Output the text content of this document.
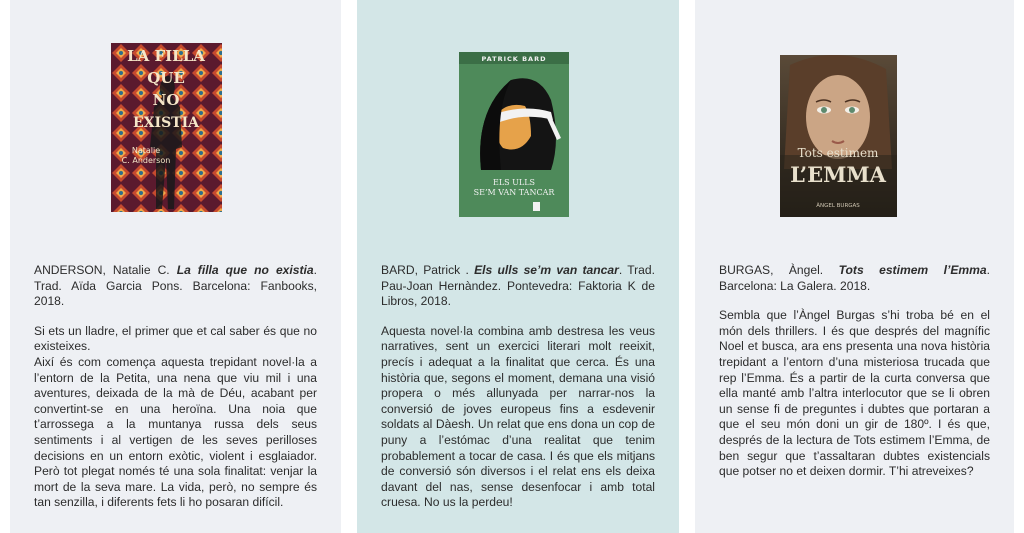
LA FILLA
QUE
NO
EXISTIA
Natalie
C. Anderson

ANDERSON, Natalie C. La filla que no existia. Trad. Aïda Garcia Pons. Barcelona: Fanbooks, 2018.

Si ets un lladre, el primer que et cal saber és que no existeixes.

Així és com comença aquesta trepidant novel·la a l’entorn de la Petita, una nena que viu mil i una aventures, deixada de la mà de Déu, acabant per convertint-se en una heroïna. Una noia que t’arrossega a la muntanya russa dels seus sentiments i al vertigen de les seves perilloses decisions en un entorn exòtic, violent i esglaiador. Però tot plegat només té una sola finalitat: venjar la mort de la seva mare. La vida, però, no sempre és tan senzilla, i diferents fets li ho posaran difícil.

PATRICK BARD
ELS ULLS
SE’M VAN TANCAR

BARD, Patrick . Els ulls se’m van tancar. Trad. Pau-Joan Hernàndez. Pontevedra: Faktoria K de Libros, 2018.

Aquesta novel·la combina amb destresa les veus narratives, sent un exercici literari molt reeixit, precís i adequat a la finalitat que cerca. És una història que, segons el moment, demana una visió propera o més allunyada per narrar-nos la conversió de joves europeus fins a esdevenir soldats al Dàesh. Un relat que ens dona un cop de puny a l’estómac d’una realitat que tenim probablement a tocar de casa. I és que els mitjans de conversió són diversos i el relat ens els deixa davant del nas, sense desenfocar i amb total cruesa. No us la perdeu!

Tots estimem
L’EMMA
ÀNGEL BURGAS

BURGAS, Àngel. Tots estimem l’Emma. Barcelona: La Galera. 2018.

Sembla que l’Àngel Burgas s’hi troba bé en el món dels thrillers. I és que després del magnífic Noel et busca, ara ens presenta una nova història trepidant a l’entorn d’una misteriosa trucada que rep l’Emma. És a partir de la curta conversa que ella manté amb l’altra interlocutor que se li obren un sense fi de preguntes i dubtes que portaran a que el seu món doni un gir de 180º. I és que, després de la lectura de Tots estimem l’Emma, de ben segur que t’assaltaran dubtes existencials que potser no et deixen dormir. T’hi atreveixes?
